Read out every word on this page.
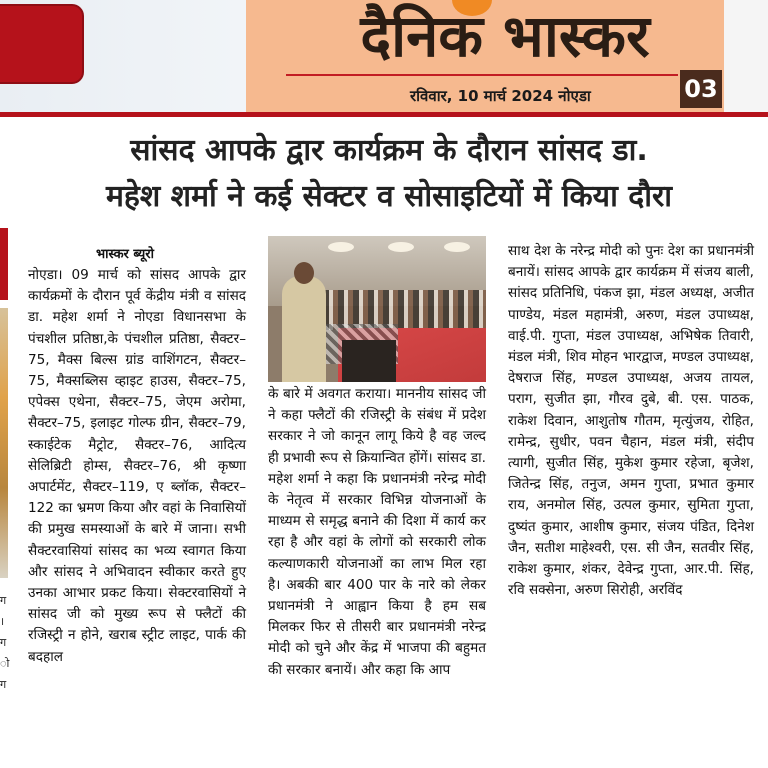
दैनिक भास्कर
रविवार, 10 मार्च 2024 नोएडा	03
ग । ग ो ग
सांसद आपके द्वार कार्यक्रम के दौरान सांसद डा.
महेश शर्मा ने कई सेक्टर व सोसाइटियों में किया दौरा
भास्कर ब्यूरो

नोएडा। 09 मार्च को सांसद आपके द्वार कार्यक्रमों के दौरान पूर्व केंद्रीय मंत्री व सांसद डा. महेश शर्मा ने नोएडा विधानसभा के पंचशील प्रतिष्ठा,के पंचशील प्रतिष्ठा, सैक्टर–75, मैक्स बिल्स ग्रांड वाशिंगटन, सैक्टर–75, मैक्सब्लिस व्हाइट हाउस, सैक्टर–75, एपेक्स एथेना, सैक्टर–75, जेएम अरोमा, सैक्टर–75, इलाइट गोल्फ ग्रीन, सैक्टर–79, स्काईटेक मैट्रोट, सैक्टर–76, आदित्य सेलिब्रिटी होम्स, सैक्टर–76, श्री कृष्णा अपार्टमेंट, सैक्टर–119, ए ब्लॉक, सैक्टर–122 का भ्रमण किया और वहां के निवासियों की प्रमुख समस्याओं के बारे में जाना। सभी सैक्टरवासियां सांसद का भव्य स्वागत किया और सांसद ने अभिवादन स्वीकार करते हुए उनका आभार प्रकट किया। सेक्टरवासियों ने सांसद जी को मुख्य रूप से फ्लैटों की रजिस्ट्री न होने, खराब स्ट्रीट लाइट, पार्क की बदहाल

के बारे में अवगत कराया। माननीय सांसद जी ने कहा फ्लैटों की रजिस्ट्री के संबंध में प्रदेश सरकार ने जो कानून लागू किये है वह जल्द ही प्रभावी रूप से क्रियान्वित होंगें। सांसद डा. महेश शर्मा ने कहा कि प्रधानमंत्री नरेन्द्र मोदी के नेतृत्व में सरकार विभिन्न योजनाओं के माध्यम से समृद्ध बनाने की दिशा में कार्य कर रहा है और वहां के लोगों को सरकारी लोक कल्याणकारी योजनाओं का लाभ मिल रहा है। अबकी बार 400 पार के नारे को लेकर प्रधानमंत्री ने आह्वान किया है हम सब मिलकर फिर से तीसरी बार प्रधानमंत्री नरेन्द्र मोदी को चुने और केंद्र में भाजपा की बहुमत की सरकार बनायें। और कहा कि आप

साथ देश के नरेन्द्र मोदी को पुनः देश का प्रधानमंत्री बनायें। सांसद आपके द्वार कार्यक्रम में संजय बाली, सांसद प्रतिनिधि, पंकज झा, मंडल अध्यक्ष, अजीत पाण्डेय, मंडल महामंत्री, अरुण, मंडल उपाध्यक्ष, वाई.पी. गुप्ता, मंडल उपाध्यक्ष, अभिषेक तिवारी, मंडल मंत्री, शिव मोहन भारद्वाज, मण्डल उपाध्यक्ष, देषराज सिंह, मण्डल उपाध्यक्ष, अजय तायल, पराग, सुजीत झा, गौरव दुबे, बी. एस. पाठक, राकेश दिवान, आशुतोष गौतम, मृत्युंजय, रोहित, रामेन्द्र, सुधीर, पवन चैहान, मंडल मंत्री, संदीप त्यागी, सुजीत सिंह, मुकेश कुमार रहेजा, बृजेश, जितेन्द्र सिंह, तनुज, अमन गुप्ता, प्रभात कुमार राय, अनमोल सिंह, उत्पल कुमार, सुमिता गुप्ता, दुष्यंत कुमार, आशीष कुमार, संजय पंडित, दिनेश जैन, सतीश माहेश्वरी, एस. सी जैन, सतवीर सिंह, राकेश कुमार, शंकर, देवेन्द्र गुप्ता, आर.पी. सिंह, रवि सक्सेना, अरुण सिरोही, अरविंद
